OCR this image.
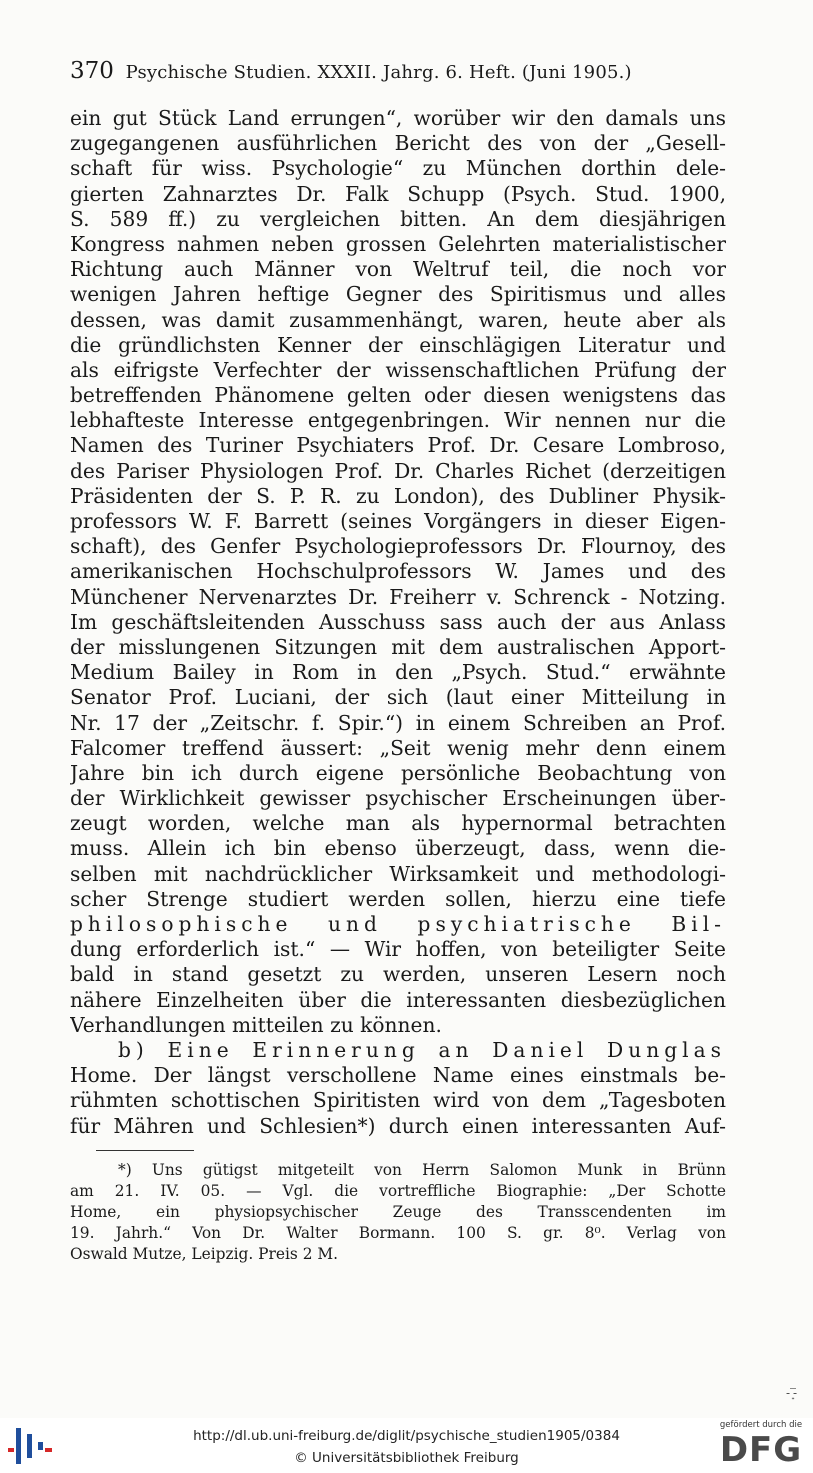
370 Psychische Studien. XXXII. Jahrg. 6. Heft. (Juni 1905.)
ein gut Stück Land errungen“, worüber wir den damals uns
zugegangenen ausführlichen Bericht des von der „Gesell-
schaft für wiss. Psychologie“ zu München dorthin dele-
gierten Zahnarztes Dr. Falk Schupp (Psych. Stud. 1900,
S. 589 ff.) zu vergleichen bitten. An dem diesjährigen
Kongress nahmen neben grossen Gelehrten materialistischer
Richtung auch Männer von Weltruf teil, die noch vor
wenigen Jahren heftige Gegner des Spiritismus und alles
dessen, was damit zusammenhängt, waren, heute aber als
die gründlichsten Kenner der einschlägigen Literatur und
als eifrigste Verfechter der wissenschaftlichen Prüfung der
betreffenden Phänomene gelten oder diesen wenigstens das
lebhafteste Interesse entgegenbringen. Wir nennen nur die
Namen des Turiner Psychiaters Prof. Dr. Cesare Lombroso,
des Pariser Physiologen Prof. Dr. Charles Richet (derzeitigen
Präsidenten der S. P. R. zu London), des Dubliner Physik-
professors W. F. Barrett (seines Vorgängers in dieser Eigen-
schaft), des Genfer Psychologieprofessors Dr. Flournoy, des
amerikanischen Hochschulprofessors W. James und des
Münchener Nervenarztes Dr. Freiherr v. Schrenck - Notzing.
Im geschäftsleitenden Ausschuss sass auch der aus Anlass
der misslungenen Sitzungen mit dem australischen Apport-
Medium Bailey in Rom in den „Psych. Stud.“ erwähnte
Senator Prof. Luciani, der sich (laut einer Mitteilung in
Nr. 17 der „Zeitschr. f. Spir.“) in einem Schreiben an Prof.
Falcomer treffend äussert: „Seit wenig mehr denn einem
Jahre bin ich durch eigene persönliche Beobachtung von
der Wirklichkeit gewisser psychischer Erscheinungen über-
zeugt worden, welche man als hypernormal betrachten
muss. Allein ich bin ebenso überzeugt, dass, wenn die-
selben mit nachdrücklicher Wirksamkeit und methodologi-
scher Strenge studiert werden sollen, hierzu eine tiefe
philosophische und psychiatrische Bil-
dung erforderlich ist.“ — Wir hoffen, von beteiligter Seite
bald in stand gesetzt zu werden, unseren Lesern noch
nähere Einzelheiten über die interessanten diesbezüglichen
Verhandlungen mitteilen zu können.
b) Eine Erinnerung an Daniel Dunglas
Home. Der längst verschollene Name eines einstmals be-
rühmten schottischen Spiritisten wird von dem „Tagesboten
für Mähren und Schlesien*) durch einen interessanten Auf-
*) Uns gütigst mitgeteilt von Herrn Salomon Munk in Brünn
am 21. IV. 05. — Vgl. die vortreffliche Biographie: „Der Schotte
Home, ein physiopsychischer Zeuge des Transscendenten im
19. Jahrh.“ Von Dr. Walter Bormann. 100 S. gr. 8⁰. Verlag von
Oswald Mutze, Leipzig. Preis 2 M.
- ͙̅-
http://dl.ub.uni-freiburg.de/diglit/psychische_studien1905/0384
© Universitätsbibliothek Freiburg
gefördert durch die
DFG
